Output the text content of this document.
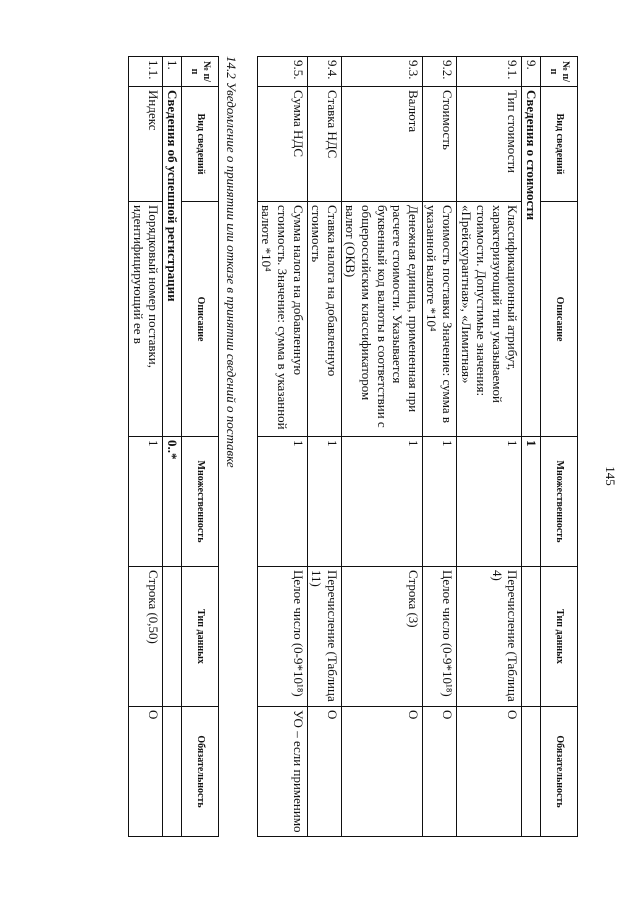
145
№ п/п	Вид сведений	Описание	Множественность	Тип данных	Обязательность
9.	Сведения о стоимости		1		
9.1.	Тип стоимости	Классификационный атрибут, характеризующий тип указываемой стоимости. Допустимые значения: «Прейскурантная», «Лимитная»	1	Перечисление (Таблица 4)	О
9.2.	Стоимость	Стоимость поставки Значение: сумма в указанной валюте *10⁴	1	Целое число (0-9*10¹⁸)	О
9.3.	Валюта	Денежная единица, примененная при расчете стоимости. Указывается буквенный код валюты в соответствии с общероссийским классификатором валют (ОКВ)	1	Строка (3)	О
9.4.	Ставка НДС	Ставка налога на добавленную стоимость	1	Перечисление (Таблица 11)	О
9.5.	Сумма НДС	Сумма налога на добавленную стоимость. Значение: сумма в указанной валюте *10⁴	1	Целое число (0-9*10¹⁸)	УО – если применимо
14.2 Уведомление о принятии или отказе в принятии сведений о поставке
№ п/п	Вид сведений	Описание	Множественность	Тип данных	Обязательность
1.	Сведения об успешной регистрации		0..*		
1.1.	Индекс	Порядковый номер поставки, идентифицирующий ее в	1	Строка (0,50)	О
